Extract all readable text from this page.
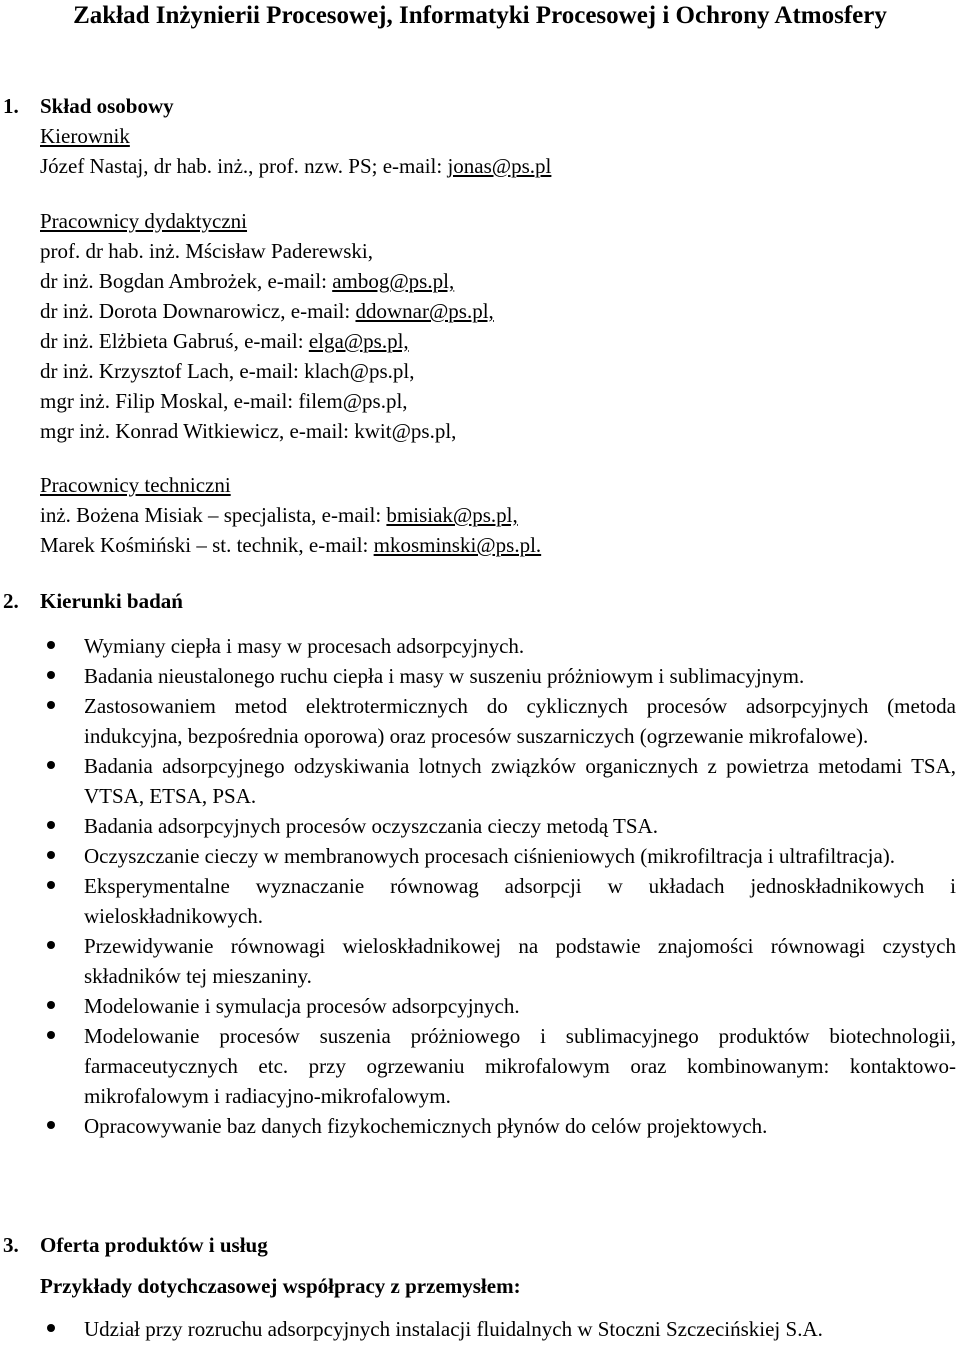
Zakład Inżynierii Procesowej, Informatyki Procesowej i Ochrony Atmosfery
1. Skład osobowy
Kierownik
Józef Nastaj, dr hab. inż., prof. nzw. PS; e-mail: jonas@ps.pl
Pracownicy dydaktyczni
prof. dr hab. inż. Mścisław Paderewski,
dr inż. Bogdan Ambrożek, e-mail: ambog@ps.pl,
dr inż. Dorota Downarowicz, e-mail: ddownar@ps.pl,
dr inż. Elżbieta Gabruś, e-mail: elga@ps.pl,
dr inż. Krzysztof Lach, e-mail: klach@ps.pl,
mgr inż. Filip Moskal, e-mail: filem@ps.pl,
mgr inż. Konrad Witkiewicz, e-mail: kwit@ps.pl,
Pracownicy techniczni
inż. Bożena Misiak – specjalista, e-mail: bmisiak@ps.pl,
Marek Kośmiński – st. technik, e-mail: mkosminski@ps.pl.
2. Kierunki badań
Wymiany ciepła i masy w procesach adsorpcyjnych.
Badania nieustalonego ruchu ciepła i masy w suszeniu próżniowym i sublimacyjnym.
Zastosowaniem metod elektrotermicznych do cyklicznych procesów adsorpcyjnych (metoda indukcyjna, bezpośrednia oporowa) oraz procesów suszarniczych (ogrzewanie mikrofalowe).
Badania adsorpcyjnego odzyskiwania lotnych związków organicznych z powietrza metodami TSA, VTSA, ETSA, PSA.
Badania adsorpcyjnych procesów oczyszczania cieczy metodą TSA.
Oczyszczanie cieczy w membranowych procesach ciśnieniowych (mikrofiltracja i ultrafiltracja).
Eksperymentalne wyznaczanie równowag adsorpcji w układach jednoskładnikowych i wieloskładnikowych.
Przewidywanie równowagi wieloskładnikowej na podstawie znajomości równowagi czystych składników tej mieszaniny.
Modelowanie i symulacja procesów adsorpcyjnych.
Modelowanie procesów suszenia próżniowego i sublimacyjnego produktów biotechnologii, farmaceutycznych etc. przy ogrzewaniu mikrofalowym oraz kombinowanym: kontaktowo-mikrofalowym i radiacyjno-mikrofalowym.
Opracowywanie baz danych fizykochemicznych płynów do celów projektowych.
3. Oferta produktów i usług
Przykłady dotychczasowej współpracy z przemysłem:
Udział przy rozruchu adsorpcyjnych instalacji fluidalnych w Stoczni Szczecińskiej S.A.
